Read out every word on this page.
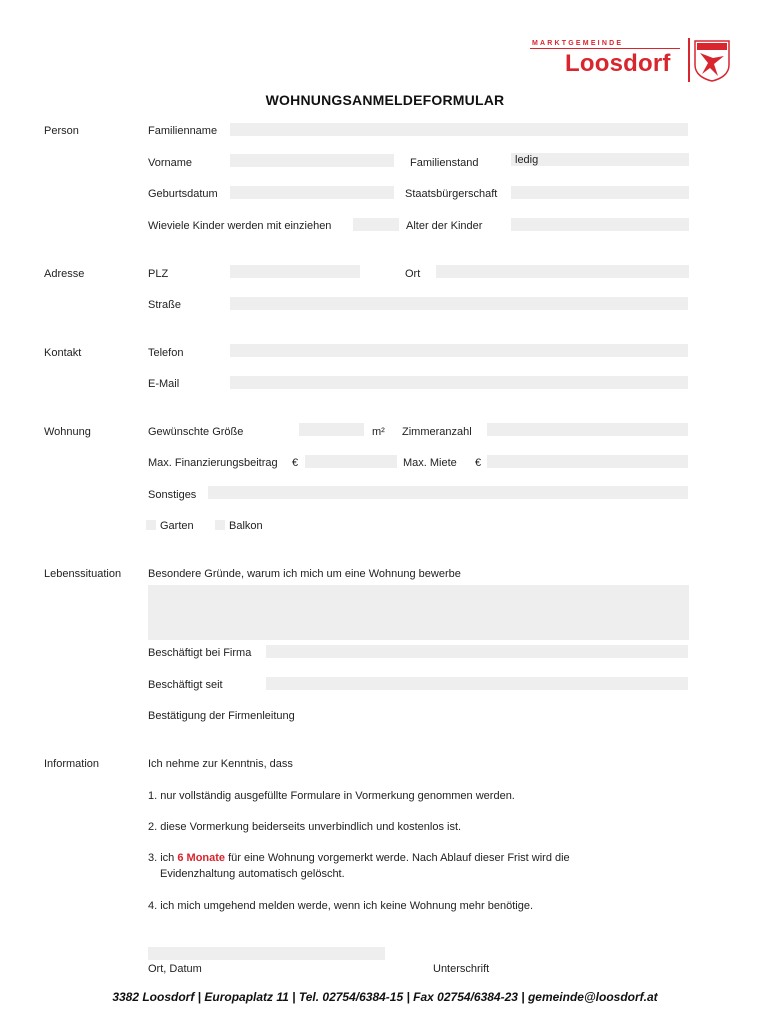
MARKTGEMEINDE
Loosdorf
WOHNUNGSANMELDEFORMULAR
Person	Familienname
Vorname	Familienstand
ledig
Geburtsdatum	Staatsbürgerschaft
Wieviele Kinder werden mit einziehen	Alter der Kinder
Adresse	PLZ	Ort
Straße
Kontakt	Telefon
E-Mail
Wohnung	Gewünschte Größe	m² Zimmeranzahl
Max. Finanzierungsbeitrag €	Max. Miete €
Sonstiges
Garten	Balkon
Lebenssituation Besondere Gründe, warum ich mich um eine Wohnung bewerbe
Beschäftigt bei Firma
Beschäftigt seit
Bestätigung der Firmenleitung
Information	Ich nehme zur Kenntnis, dass
1. nur vollständig ausgefüllte Formulare in Vormerkung genommen werden.
2. diese Vormerkung beiderseits unverbindlich und kostenlos ist.
3. ich 6 Monate für eine Wohnung vorgemerkt werde. Nach Ablauf dieser Frist wird die
Evidenzhaltung automatisch gelöscht.
4. ich mich umgehend melden werde, wenn ich keine Wohnung mehr benötige.
Ort, Datum	Unterschrift
3382 Loosdorf | Europaplatz 11 | Tel. 02754/6384-15 | Fax 02754/6384-23 | gemeinde@loosdorf.at
